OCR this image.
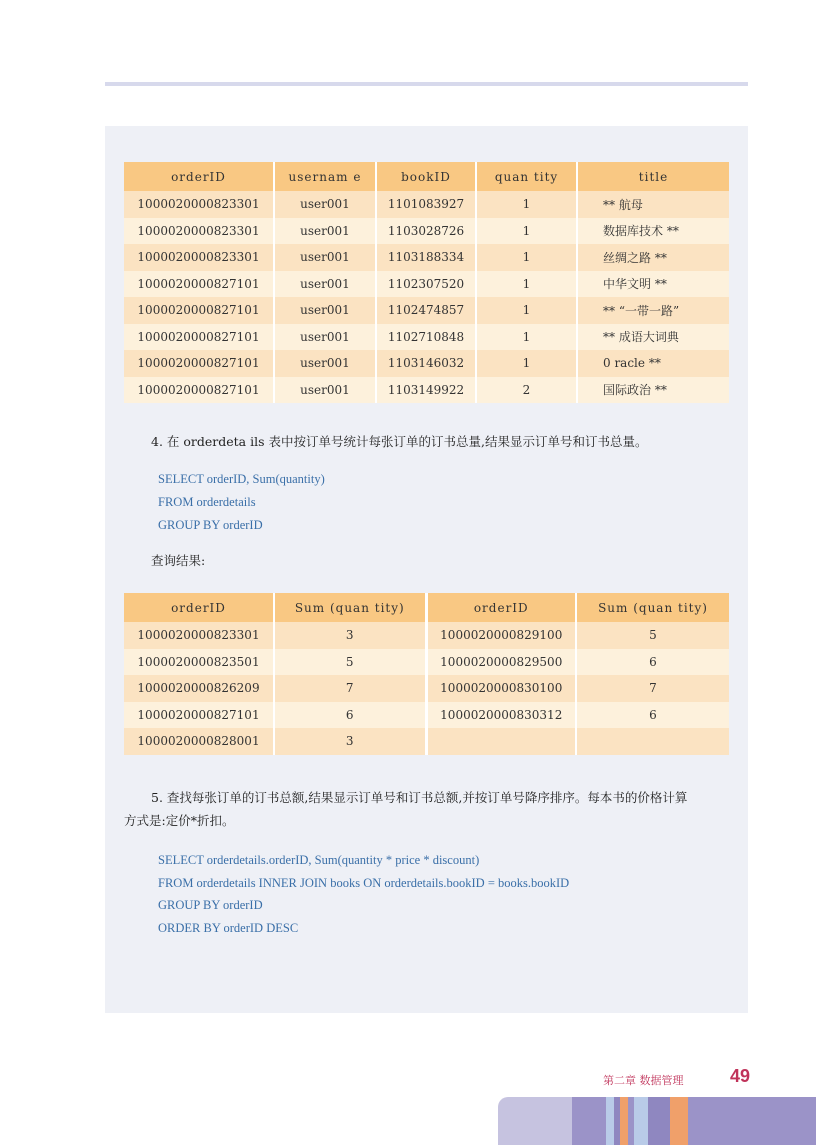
orderID	usernam e	bookID	quan tity	title
1000020000823301	user001	1101083927	1	** 航母
1000020000823301	user001	1103028726	1	数据库技术 **
1000020000823301	user001	1103188334	1	丝绸之路 **
1000020000827101	user001	1102307520	1	中华文明 **
1000020000827101	user001	1102474857	1	** “一带一路”
1000020000827101	user001	1102710848	1	** 成语大词典
1000020000827101	user001	1103146032	1	0 racle **
1000020000827101	user001	1103149922	2	国际政治 **
4. 在 orderdeta ils 表中按订单号统计每张订单的订书总量,结果显示订单号和订书总量。
SELECT orderID, Sum(quantity)
FROM orderdetails
GROUP BY orderID
查询结果:
orderID	Sum (quan tity)	orderID	Sum (quan tity)
1000020000823301	3	1000020000829100	5
1000020000823501	5	1000020000829500	6
1000020000826209	7	1000020000830100	7
1000020000827101	6	1000020000830312	6
1000020000828001	3		
5. 查找每张订单的订书总额,结果显示订单号和订书总额,并按订单号降序排序。每本书的价格计算
方式是:定价*折扣。
SELECT orderdetails.orderID, Sum(quantity * price * discount)
FROM orderdetails INNER JOIN books ON orderdetails.bookID = books.bookID
GROUP BY orderID
ORDER BY orderID DESC
第二章 数据管理	49
